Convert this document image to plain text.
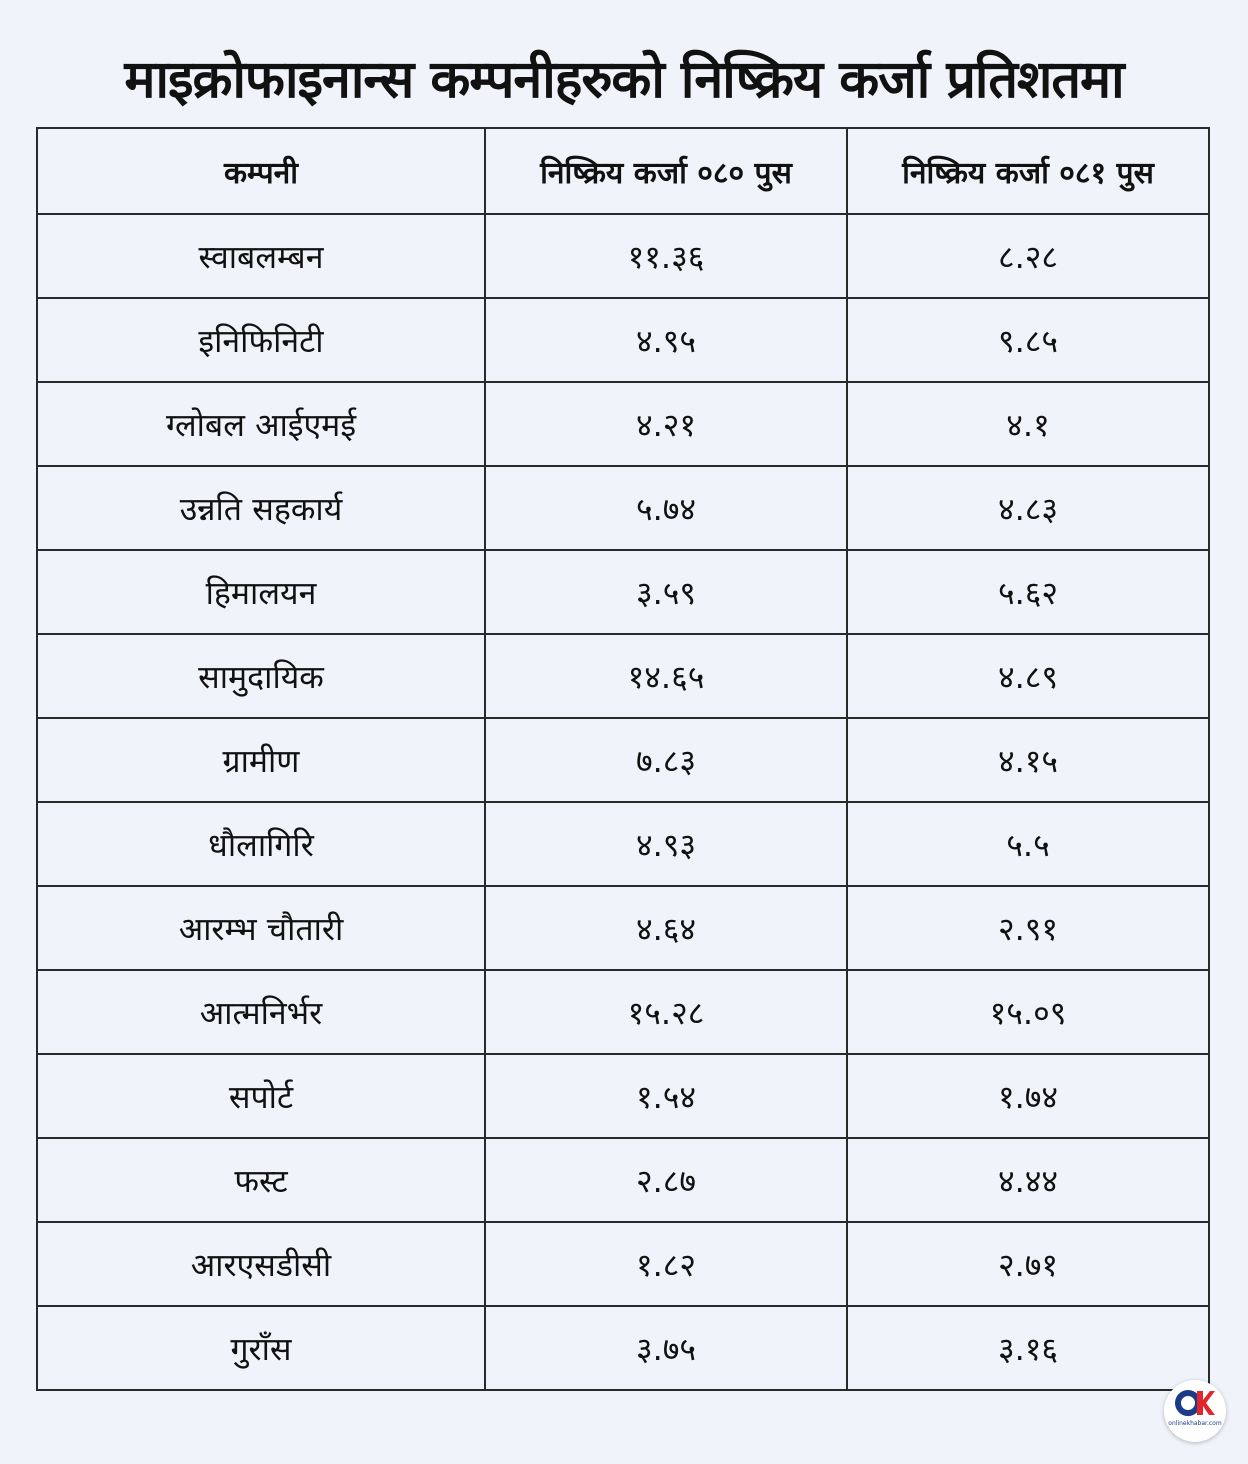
माइक्रोफाइनान्स कम्पनीहरुको निष्क्रिय कर्जा प्रतिशतमा
कम्पनी	निष्क्रिय कर्जा ०८० पुस	निष्क्रिय कर्जा ०८१ पुस
स्वाबलम्बन	११.३६	८.२८
इनिफिनिटी	४.९५	९.८५
ग्लोबल आईएमई	४.२१	४.१
उन्नति सहकार्य	५.७४	४.८३
हिमालयन	३.५९	५.६२
सामुदायिक	१४.६५	४.८९
ग्रामीण	७.८३	४.१५
धौलागिरि	४.९३	५.५
आरम्भ चौतारी	४.६४	२.९१
आत्मनिर्भर	१५.२८	१५.०९
सपोर्ट	१.५४	१.७४
फस्ट	२.८७	४.४४
आरएसडीसी	१.८२	२.७१
गुराँस	३.७५	३.१६
onlinekhabar.com
